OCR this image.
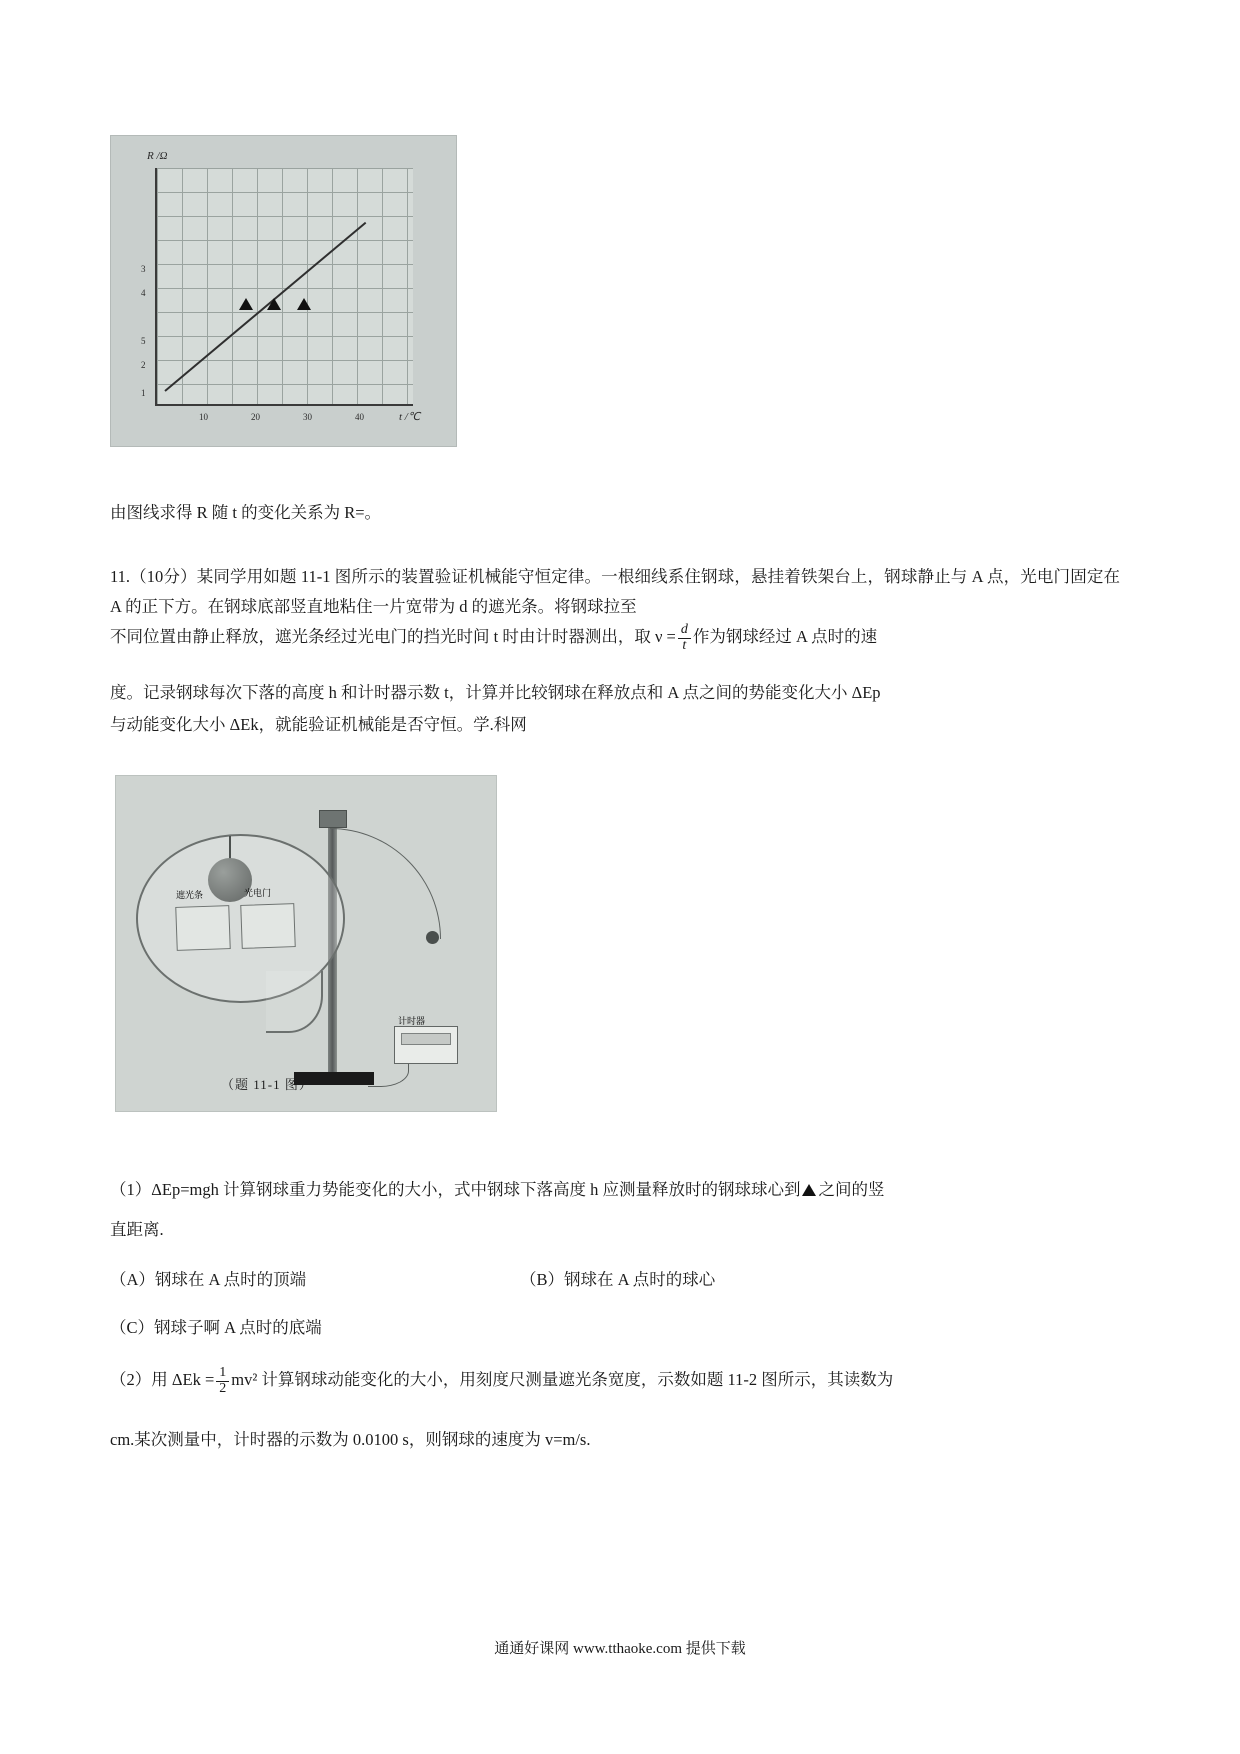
R /Ω
t /℃
5
4
3
2
1
10	20	30	40
由图线求得 R 随 t 的变化关系为 R=。
11.（10分）某同学用如题 11-1 图所示的装置验证机械能守恒定律。一根细线系住钢球，悬挂着铁架台上，钢球静止与 A 点，光电门固定在 A 的正下方。在钢球底部竖直地粘住一片宽带为 d 的遮光条。将钢球拉至
不同位置由静止释放，遮光条经过光电门的挡光时间 t 时由计时器测出，取 $\nu = \frac{d}{t}$ 作为钢球经过 A 点时的速
度。记录钢球每次下落的高度 h 和计时器示数 t，计算并比较钢球在释放点和 A 点之间的势能变化大小 ΔEp
与动能变化大小 ΔEk，就能验证机械能是否守恒。学.科网
遮光条	光电门
计时器
（题 11-1 图）
（1）ΔEp=mgh 计算钢球重力势能变化的大小，式中钢球下落高度 h 应测量释放时的钢球球心到 之间的竖
直距离.
（A）钢球在 A 点时的顶端	（B）钢球在 A 点时的球心
（C）钢球子啊 A 点时的底端
（2）用 $\Delta Ek = \frac{1}{2} mv^2$ 计算钢球动能变化的大小，用刻度尺测量遮光条宽度，示数如题 11-2 图所示，其读数为
cm.某次测量中，计时器的示数为 0.0100 s，则钢球的速度为 v=m/s.
通通好课网 www.tthaoke.com 提供下载
